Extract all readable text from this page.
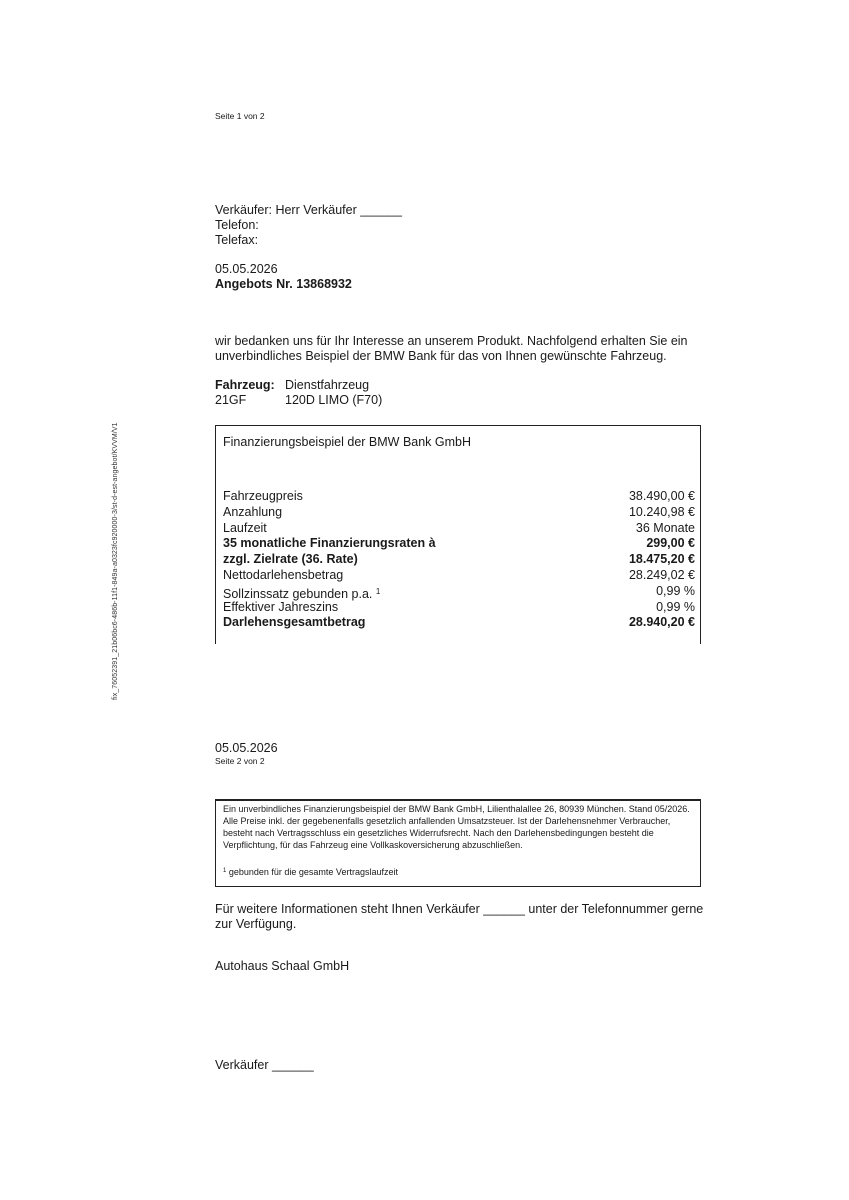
Seite 1 von 2
fix_76052391_21b06bc6-486b-11f1-849a-a0323fc920000-3/st-d-est-angebot/KVVM/V1
Verkäufer: Herr Verkäufer ______
Telefon:
Telefax:
05.05.2026
Angebots Nr. 13868932
wir bedanken uns für Ihr Interesse an unserem Produkt. Nachfolgend erhalten Sie ein
unverbindliches Beispiel der BMW Bank für das von Ihnen gewünschte Fahrzeug.
Fahrzeug: Dienstfahrzeug
21GF	120D LIMO (F70)
Finanzierungsbeispiel der BMW Bank GmbH
Fahrzeugpreis	38.490,00 €
Anzahlung	10.240,98 €
Laufzeit	36 Monate
35 monatliche Finanzierungsraten à	299,00 €
zzgl. Zielrate (36. Rate)	18.475,20 €
Nettodarlehensbetrag	28.249,02 €
Sollzinssatz gebunden p.a. $^1$	0,99 %
Effektiver Jahreszins	0,99 %
Darlehensgesamtbetrag	28.940,20 €
05.05.2026
Seite 2 von 2
Ein unverbindliches Finanzierungsbeispiel der BMW Bank GmbH, Lilienthalallee 26, 80939 München. Stand 05/2026. Alle Preise inkl. der gegebenenfalls gesetzlich anfallenden Umsatzsteuer. Ist der Darlehensnehmer Verbraucher, besteht nach Vertragsschluss ein gesetzliches Widerrufsrecht. Nach den Darlehensbedingungen besteht die Verpflichtung, für das Fahrzeug eine Vollkaskoversicherung abzuschließen.
$^1$ gebunden für die gesamte Vertragslaufzeit
Für weitere Informationen steht Ihnen Verkäufer ______ unter der Telefonnummer gerne
zur Verfügung.
Autohaus Schaal GmbH
Verkäufer ______
